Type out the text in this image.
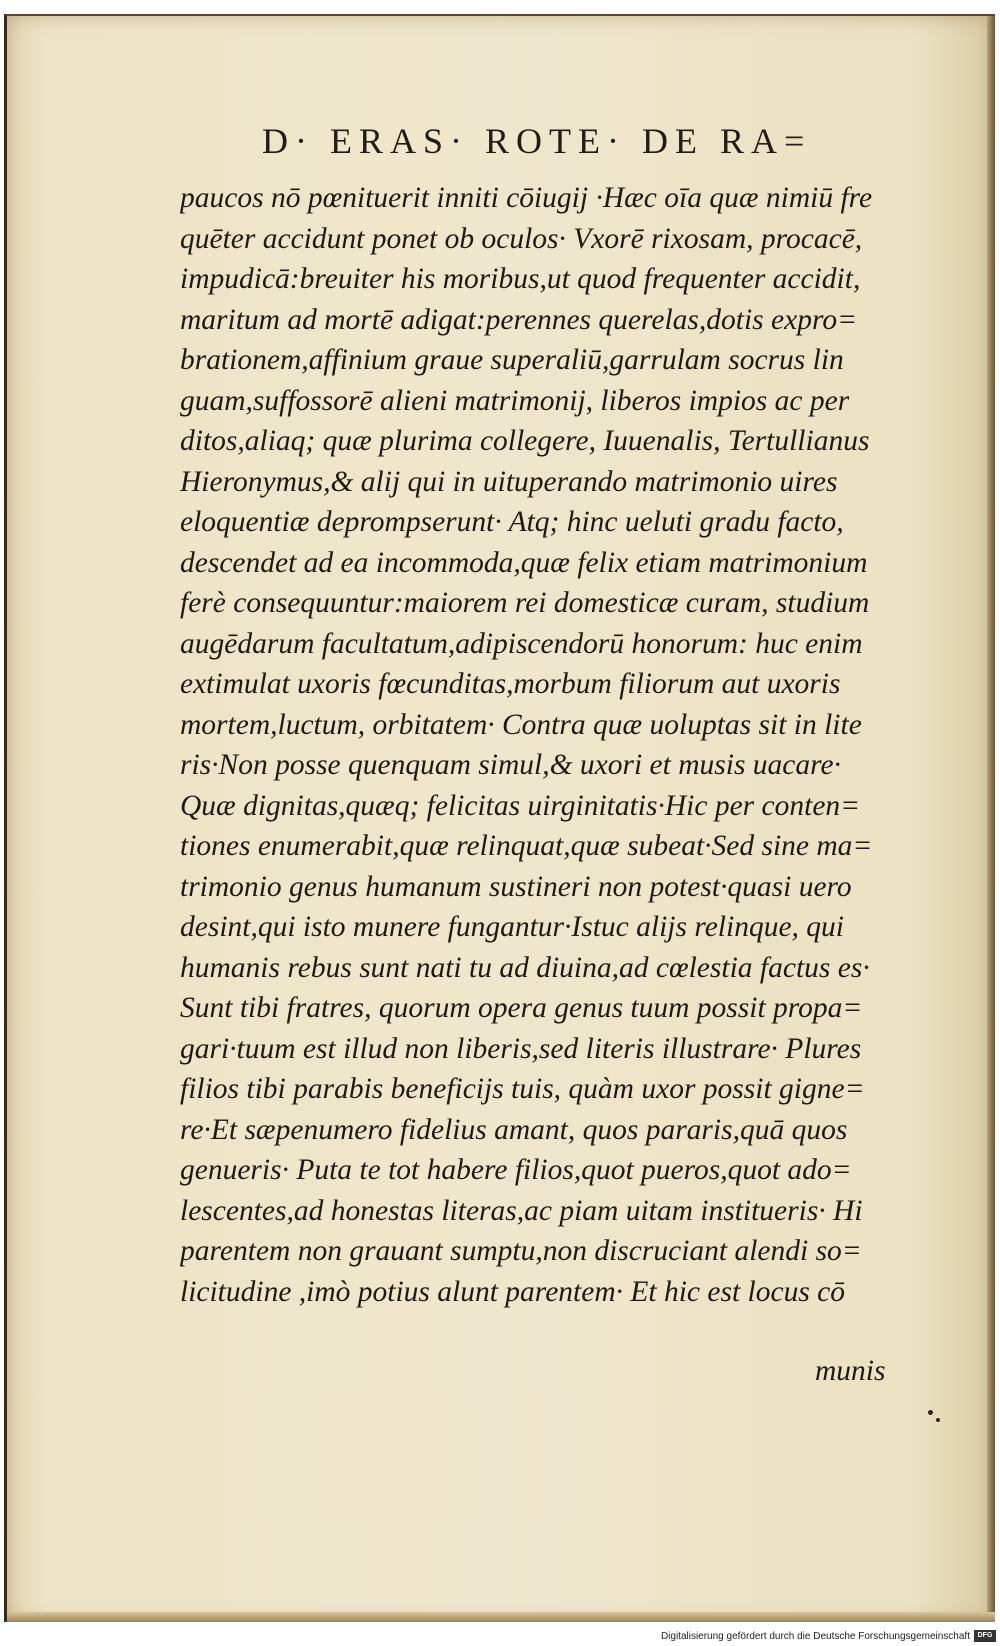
D· ERAS· ROTE· DE RA=
paucos nō pœnituerit inniti cōiugij ·Hæc oīa quæ nimiū fre
quēter accidunt ponet ob oculos· Vxorē rixosam, procacē,
impudicā:breuiter his moribus,ut quod frequenter accidit,
maritum ad mortē adigat:perennes querelas,dotis expro=
brationem,affinium graue superaliū,garrulam socrus lin
guam,suffossorē alieni matrimonij, liberos impios ac per
ditos,aliaq; quæ plurima collegere, Iuuenalis, Tertullianus
Hieronymus,& alij qui in uituperando matrimonio uires
eloquentiæ deprompserunt· Atq; hinc ueluti gradu facto,
descendet ad ea incommoda,quæ felix etiam matrimonium
ferè consequuntur:maiorem rei domesticæ curam, studium
augēdarum facultatum,adipiscendorū honorum: huc enim
extimulat uxoris fœcunditas,morbum filiorum aut uxoris
mortem,luctum, orbitatem· Contra quæ uoluptas sit in lite
ris·Non posse quenquam simul,& uxori et musis uacare·
Quæ dignitas,quæq; felicitas uirginitatis·Hic per conten=
tiones enumerabit,quæ relinquat,quæ subeat·Sed sine ma=
trimonio genus humanum sustineri non potest·quasi uero
desint,qui isto munere fungantur·Istuc alijs relinque, qui
humanis rebus sunt nati tu ad diuina,ad cœlestia factus es·
Sunt tibi fratres, quorum opera genus tuum possit propa=
gari·tuum est illud non liberis,sed literis illustrare· Plures
filios tibi parabis beneficijs tuis, quàm uxor possit gigne=
re·Et sæpenumero fidelius amant, quos pararis,quā quos
genueris· Puta te tot habere filios,quot pueros,quot ado=
lescentes,ad honestas literas,ac piam uitam institueris· Hi
parentem non grauant sumptu,non discruciant alendi so=
licitudine ,imò potius alunt parentem· Et hic est locus cō
munis
Digitalisierung gefördert durch die Deutsche Forschungsgemeinschaft	DFG
